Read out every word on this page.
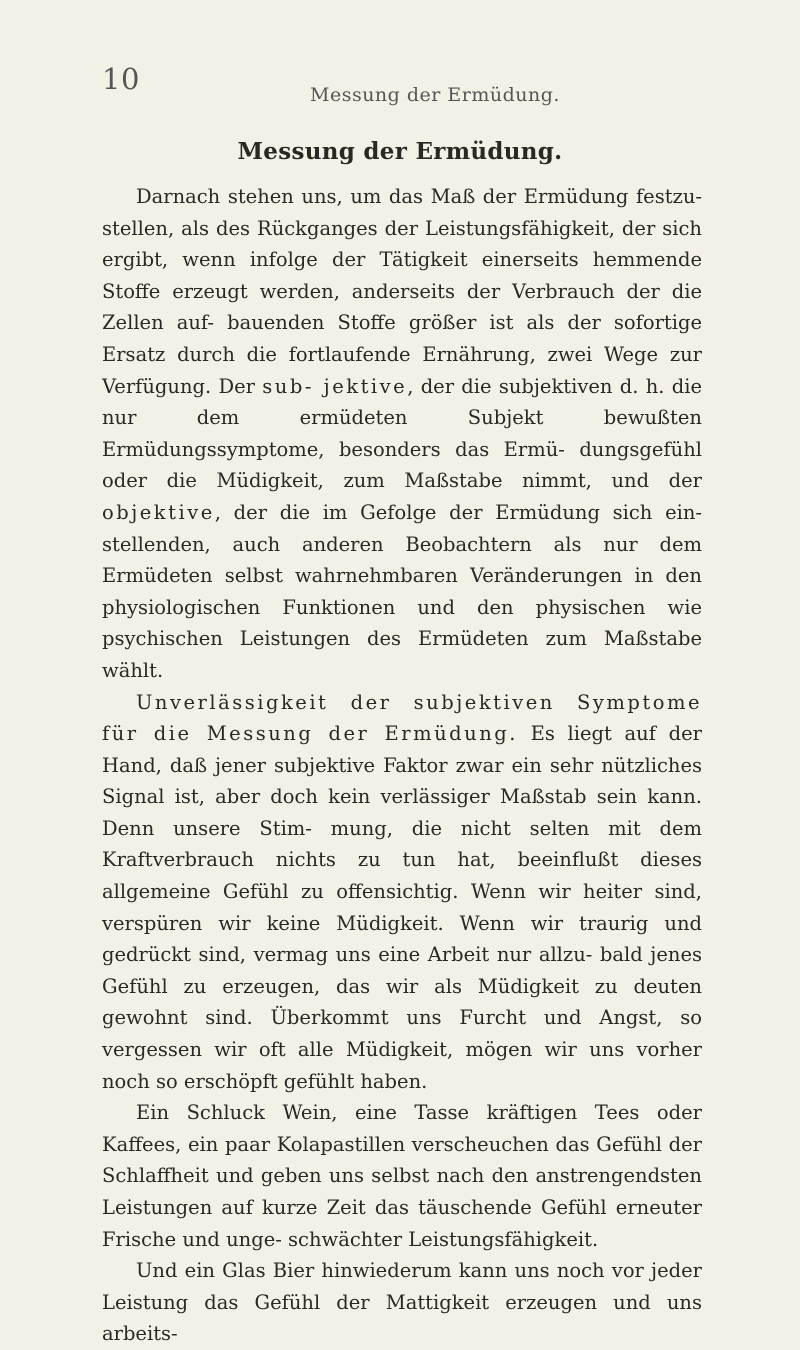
10	Messung der Ermüdung.
Messung der Ermüdung.

Darnach stehen uns, um das Maß der Ermüdung festzu- stellen, als des Rückganges der Leistungsfähigkeit, der sich ergibt, wenn infolge der Tätigkeit einerseits hemmende Stoffe erzeugt werden, anderseits der Verbrauch der die Zellen auf- bauenden Stoffe größer ist als der sofortige Ersatz durch die fortlaufende Ernährung, zwei Wege zur Verfügung. Der sub- jektive, der die subjektiven d. h. die nur dem ermüdeten Subjekt bewußten Ermüdungssymptome, besonders das Ermü- dungsgefühl oder die Müdigkeit, zum Maßstabe nimmt, und der objektive, der die im Gefolge der Ermüdung sich ein- stellenden, auch anderen Beobachtern als nur dem Ermüdeten selbst wahrnehmbaren Veränderungen in den physiologischen Funktionen und den physischen wie psychischen Leistungen des Ermüdeten zum Maßstabe wählt.

Unverlässigkeit der subjektiven Symptome für die Messung der Ermüdung. Es liegt auf der Hand, daß jener subjektive Faktor zwar ein sehr nützliches Signal ist, aber doch kein verlässiger Maßstab sein kann. Denn unsere Stim- mung, die nicht selten mit dem Kraftverbrauch nichts zu tun hat, beeinflußt dieses allgemeine Gefühl zu offensichtig. Wenn wir heiter sind, verspüren wir keine Müdigkeit. Wenn wir traurig und gedrückt sind, vermag uns eine Arbeit nur allzu- bald jenes Gefühl zu erzeugen, das wir als Müdigkeit zu deuten gewohnt sind. Überkommt uns Furcht und Angst, so vergessen wir oft alle Müdigkeit, mögen wir uns vorher noch so erschöpft gefühlt haben.

Ein Schluck Wein, eine Tasse kräftigen Tees oder Kaffees, ein paar Kolapastillen verscheuchen das Gefühl der Schlaffheit und geben uns selbst nach den anstrengendsten Leistungen auf kurze Zeit das täuschende Gefühl erneuter Frische und unge- schwächter Leistungsfähigkeit.

Und ein Glas Bier hinwiederum kann uns noch vor jeder Leistung das Gefühl der Mattigkeit erzeugen und uns arbeits-
